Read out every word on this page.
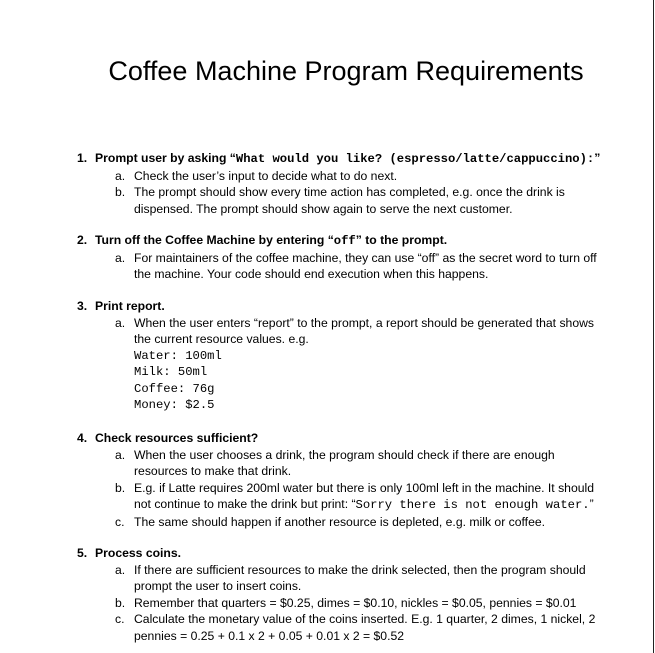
Coffee Machine Program Requirements
1. Prompt user by asking “What would you like? (espresso/latte/cappuccino):”
a. Check the user’s input to decide what to do next.
b. The prompt should show every time action has completed, e.g. once the drink is dispensed. The prompt should show again to serve the next customer.
2. Turn off the Coffee Machine by entering “off” to the prompt.
a. For maintainers of the coffee machine, they can use “off” as the secret word to turn off the machine. Your code should end execution when this happens.
3. Print report.
a. When the user enters “report” to the prompt, a report should be generated that shows the current resource values. e.g.
Water: 100ml
Milk: 50ml
Coffee: 76g
Money: $2.5
4. Check resources sufficient?
a. When the user chooses a drink, the program should check if there are enough resources to make that drink.
b. E.g. if Latte requires 200ml water but there is only 100ml left in the machine. It should not continue to make the drink but print: “Sorry there is not enough water.”
c. The same should happen if another resource is depleted, e.g. milk or coffee.
5. Process coins.
a. If there are sufficient resources to make the drink selected, then the program should prompt the user to insert coins.
b. Remember that quarters = $0.25, dimes = $0.10, nickles = $0.05, pennies = $0.01
c. Calculate the monetary value of the coins inserted. E.g. 1 quarter, 2 dimes, 1 nickel, 2 pennies = 0.25 + 0.1 x 2 + 0.05 + 0.01 x 2 = $0.52
